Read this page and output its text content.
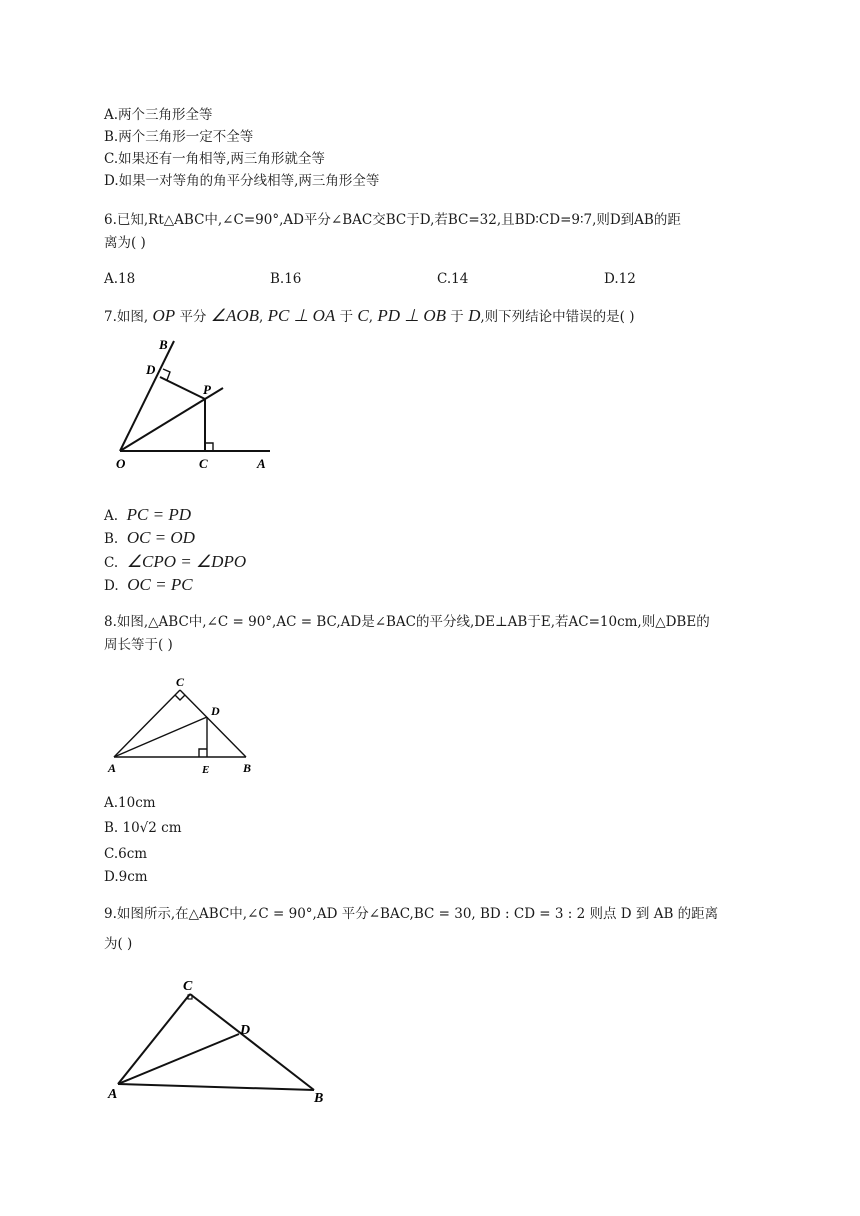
A.两个三角形全等
B.两个三角形一定不全等
C.如果还有一角相等,两三角形就全等
D.如果一对等角的角平分线相等,两三角形全等
6.已知,Rt△ABC中,∠C=90°,AD平分∠BAC交BC于D,若BC=32,且BD∶CD=9∶7,则D到AB的距
离为( )
A.18	B.16	C.14	D.12
7.如图, OP 平分 ∠AOB, PC ⊥ OA 于 C, PD ⊥ OB 于 D,则下列结论中错误的是( )
B
D
P
O	C	A
A. PC = PD
B. OC = OD
C. ∠CPO = ∠DPO
D. OC = PC
8.如图,△ABC中,∠C = 90°,AC = BC,AD是∠BAC的平分线,DE⊥AB于E,若AC=10cm,则△DBE的
周长等于( )
C
D
A	E	B
A.10cm
B. 10√2 cm
C.6cm
D.9cm
9.如图所示,在△ABC中,∠C = 90°,AD 平分∠BAC,BC = 30, BD : CD = 3 : 2 则点 D 到 AB 的距离
为( )
C
D
A	B
